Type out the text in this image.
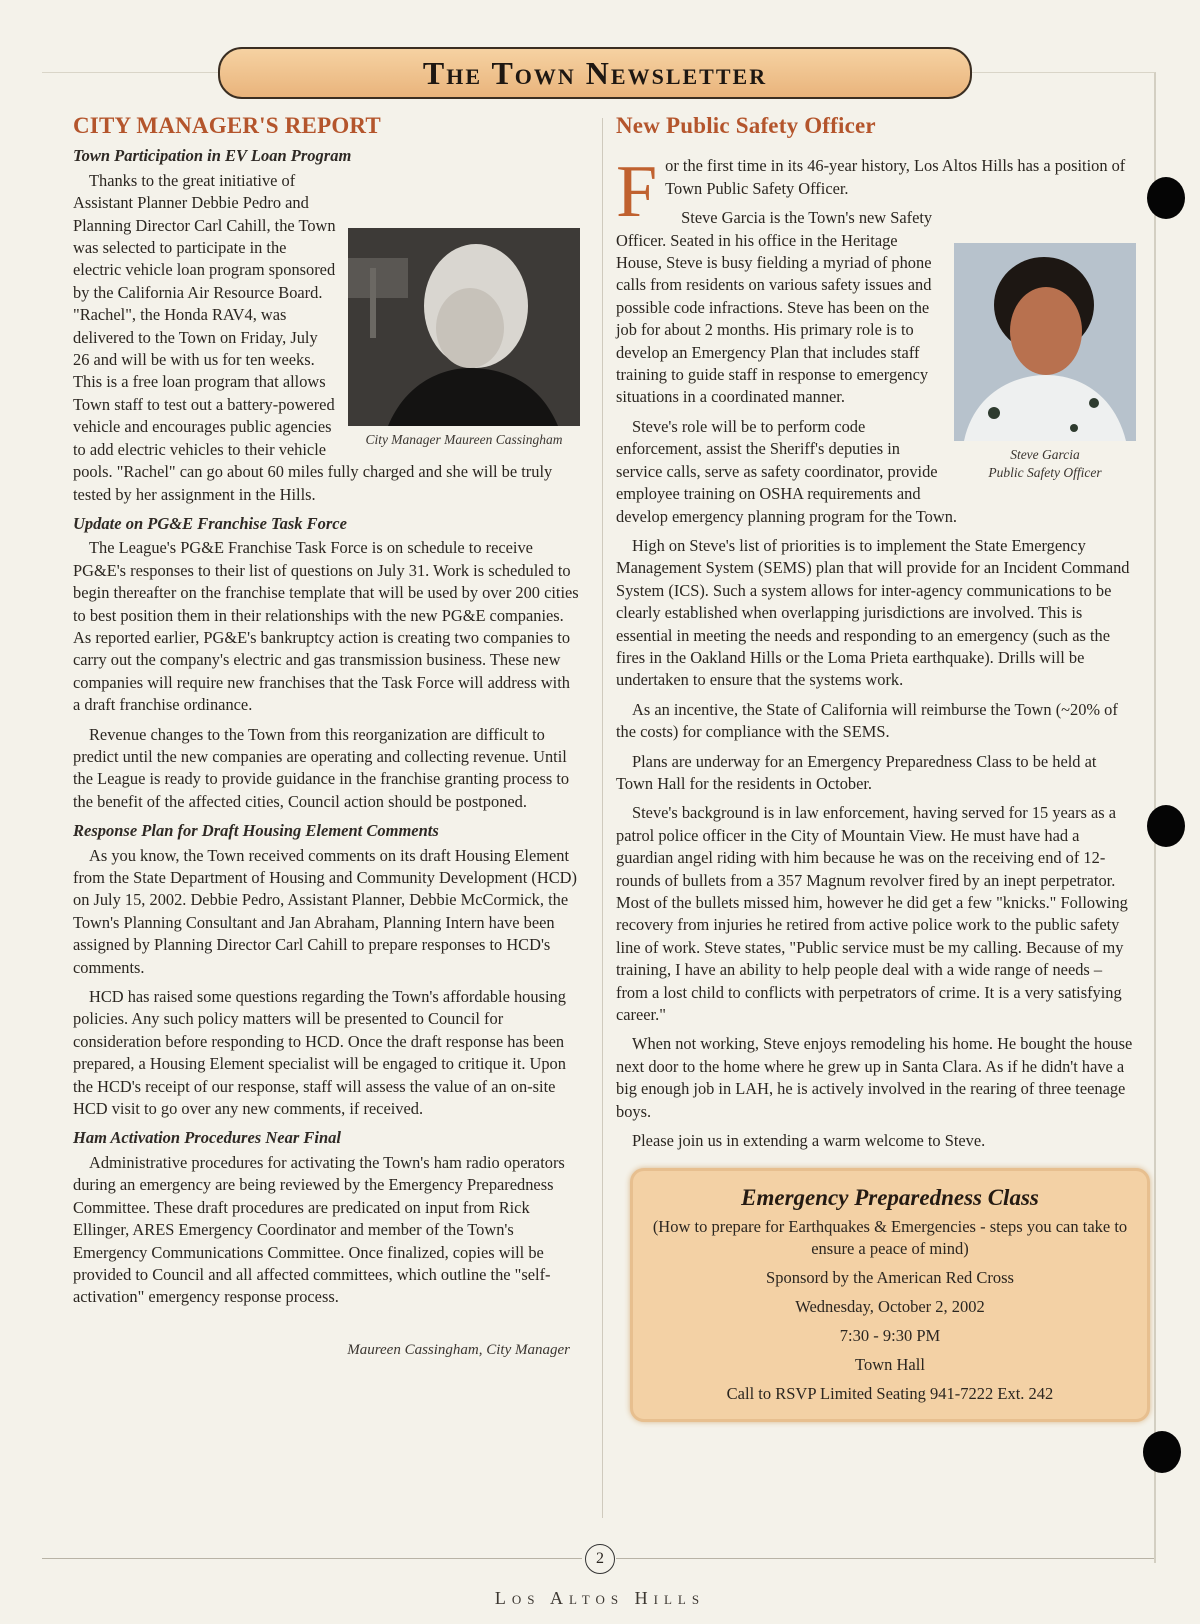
The Town Newsletter
CITY MANAGER'S REPORT
Town Participation in EV Loan Program
City Manager Maureen Cassingham

Thanks to the great initiative of Assistant Planner Debbie Pedro and Planning Director Carl Cahill, the Town was selected to participate in the electric vehicle loan program sponsored by the California Air Resource Board. "Rachel", the Honda RAV4, was delivered to the Town on Friday, July 26 and will be with us for ten weeks. This is a free loan program that allows Town staff to test out a battery-powered vehicle and encourages public agencies to add electric vehicles to their vehicle pools. "Rachel" can go about 60 miles fully charged and she will be truly tested by her assignment in the Hills.

Update on PG&E Franchise Task Force

The League's PG&E Franchise Task Force is on schedule to receive PG&E's responses to their list of questions on July 31. Work is scheduled to begin thereafter on the franchise template that will be used by over 200 cities to best position them in their relationships with the new PG&E companies. As reported earlier, PG&E's bankruptcy action is creating two companies to carry out the company's electric and gas transmission business. These new companies will require new franchises that the Task Force will address with a draft franchise ordinance.

Revenue changes to the Town from this reorganization are difficult to predict until the new companies are operating and collecting revenue. Until the League is ready to provide guidance in the franchise granting process to the benefit of the affected cities, Council action should be postponed.

Response Plan for Draft Housing Element Comments

As you know, the Town received comments on its draft Housing Element from the State Department of Housing and Community Development (HCD) on July 15, 2002. Debbie Pedro, Assistant Planner, Debbie McCormick, the Town's Planning Consultant and Jan Abraham, Planning Intern have been assigned by Planning Director Carl Cahill to prepare responses to HCD's comments.

HCD has raised some questions regarding the Town's affordable housing policies. Any such policy matters will be presented to Council for consideration before responding to HCD. Once the draft response has been prepared, a Housing Element specialist will be engaged to critique it. Upon the HCD's receipt of our response, staff will assess the value of an on-site HCD visit to go over any new comments, if received.

Ham Activation Procedures Near Final

Administrative procedures for activating the Town's ham radio operators during an emergency are being reviewed by the Emergency Preparedness Committee. These draft procedures are predicated on input from Rick Ellinger, ARES Emergency Coordinator and member of the Town's Emergency Communications Committee. Once finalized, copies will be provided to Council and all affected committees, which outline the "self-activation" emergency response process.

Maureen Cassingham, City Manager
New Public Safety Officer

For the first time in its 46-year history, Los Altos Hills has a position of Town Public Safety Officer.

Steve Garcia
Public Safety Officer

Steve Garcia is the Town's new Safety Officer. Seated in his office in the Heritage House, Steve is busy fielding a myriad of phone calls from residents on various safety issues and possible code infractions. Steve has been on the job for about 2 months. His primary role is to develop an Emergency Plan that includes staff training to guide staff in response to emergency situations in a coordinated manner.

Steve's role will be to perform code enforcement, assist the Sheriff's deputies in service calls, serve as safety coordinator, provide employee training on OSHA requirements and develop emergency planning program for the Town.

High on Steve's list of priorities is to implement the State Emergency Management System (SEMS) plan that will provide for an Incident Command System (ICS). Such a system allows for inter-agency communications to be clearly established when overlapping jurisdictions are involved. This is essential in meeting the needs and responding to an emergency (such as the fires in the Oakland Hills or the Loma Prieta earthquake). Drills will be undertaken to ensure that the systems work.

As an incentive, the State of California will reimburse the Town (~20% of the costs) for compliance with the SEMS.

Plans are underway for an Emergency Preparedness Class to be held at Town Hall for the residents in October.

Steve's background is in law enforcement, having served for 15 years as a patrol police officer in the City of Mountain View. He must have had a guardian angel riding with him because he was on the receiving end of 12-rounds of bullets from a 357 Magnum revolver fired by an inept perpetrator. Most of the bullets missed him, however he did get a few "knicks." Following recovery from injuries he retired from active police work to the public safety line of work. Steve states, "Public service must be my calling. Because of my training, I have an ability to help people deal with a wide range of needs – from a lost child to conflicts with perpetrators of crime. It is a very satisfying career."

When not working, Steve enjoys remodeling his home. He bought the house next door to the home where he grew up in Santa Clara. As if he didn't have a big enough job in LAH, he is actively involved in the rearing of three teenage boys.

Please join us in extending a warm welcome to Steve.

Emergency Preparedness Class
(How to prepare for Earthquakes & Emergencies - steps you can take to ensure a peace of mind)
Sponsord by the American Red Cross
Wednesday, October 2, 2002
7:30 - 9:30 PM
Town Hall
Call to RSVP Limited Seating 941-7222 Ext. 242
2
Los Altos Hills
